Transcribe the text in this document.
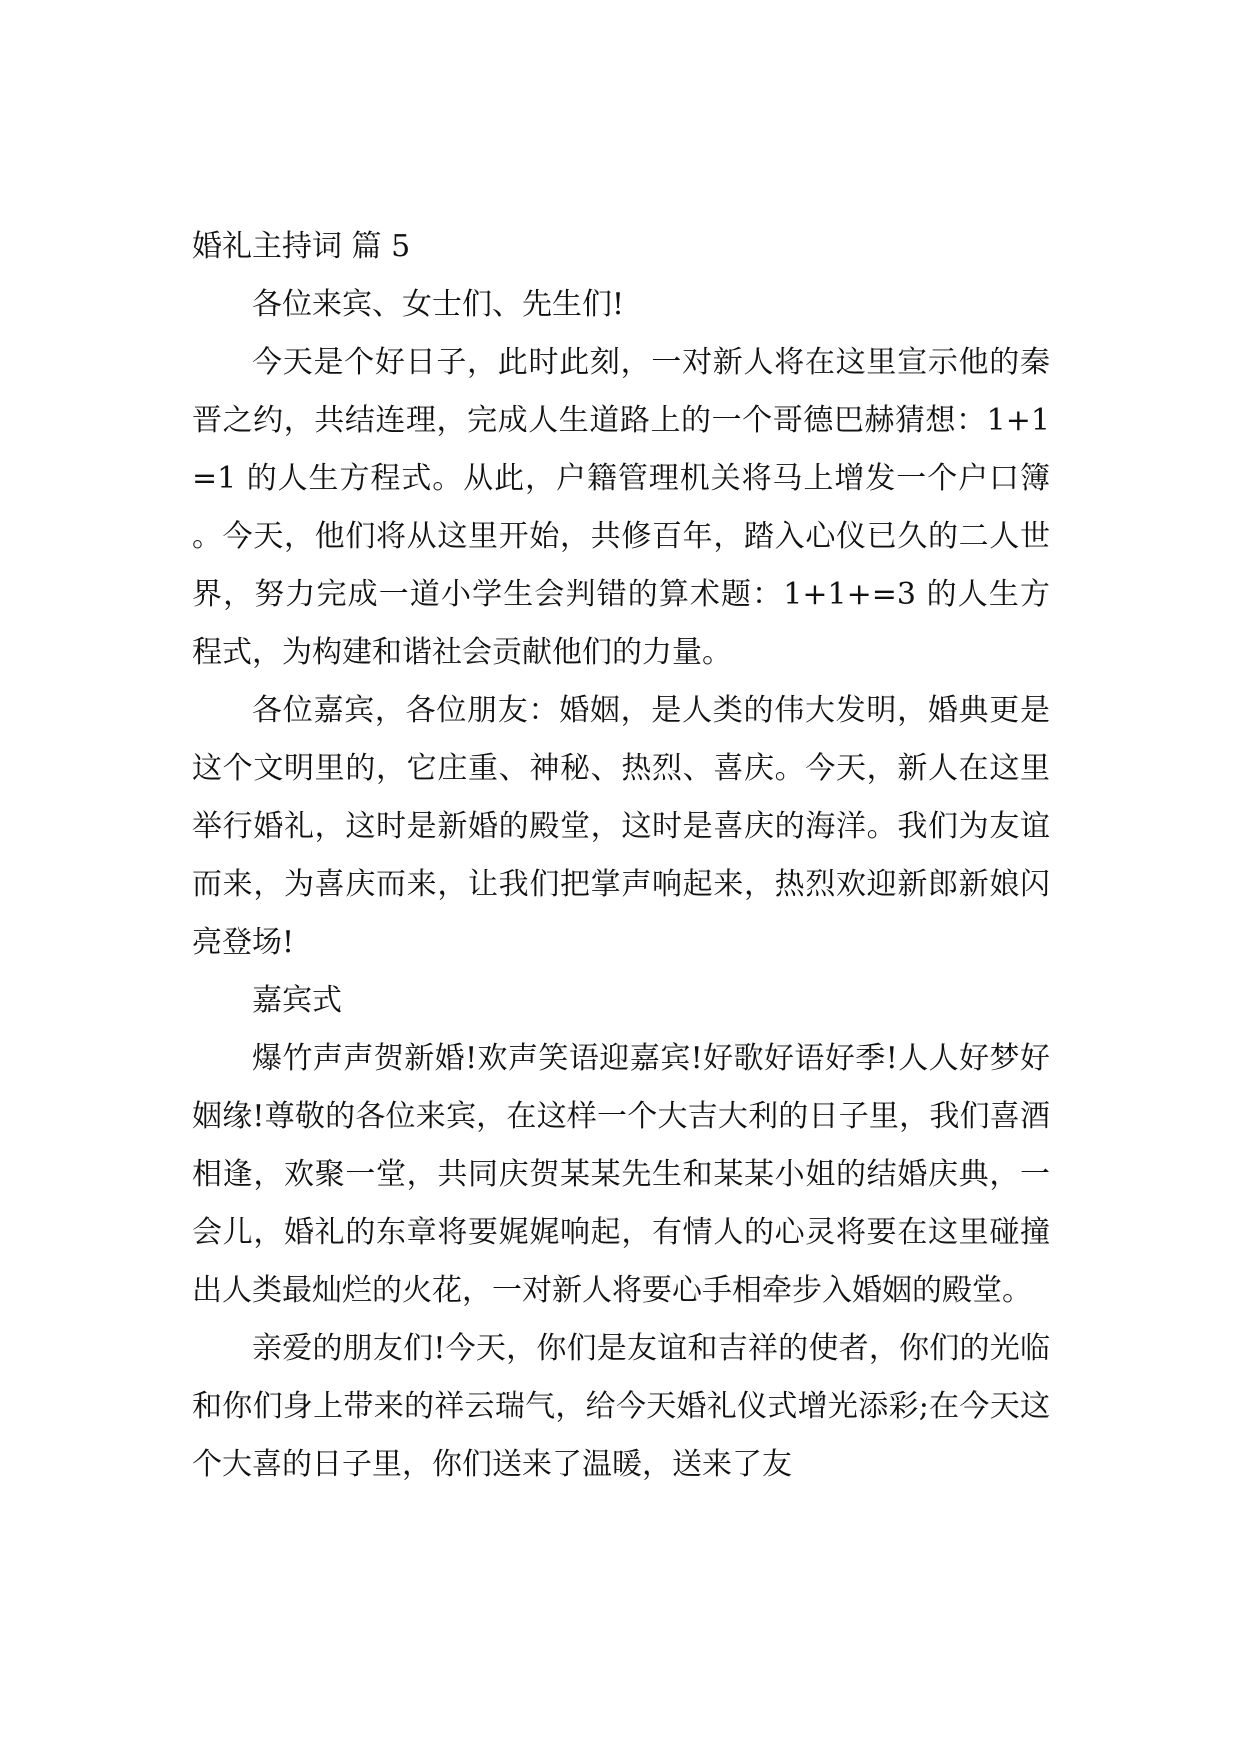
婚礼主持词 篇 5

各位来宾、女士们、先生们!

今天是个好日子，此时此刻，一对新人将在这里宣示他的秦晋之约，共结连理，完成人生道路上的一个哥德巴赫猜想：1+1=1 的人生方程式。从此，户籍管理机关将马上增发一个户口簿。今天，他们将从这里开始，共修百年，踏入心仪已久的二人世界，努力完成一道小学生会判错的算术题：1+1+=3 的人生方程式，为构建和谐社会贡献他们的力量。

各位嘉宾，各位朋友：婚姻，是人类的伟大发明，婚典更是这个文明里的，它庄重、神秘、热烈、喜庆。今天，新人在这里举行婚礼，这时是新婚的殿堂，这时是喜庆的海洋。我们为友谊而来，为喜庆而来，让我们把掌声响起来，热烈欢迎新郎新娘闪亮登场!

嘉宾式

爆竹声声贺新婚!欢声笑语迎嘉宾!好歌好语好季!人人好梦好姻缘!尊敬的各位来宾，在这样一个大吉大利的日子里，我们喜酒相逢，欢聚一堂，共同庆贺某某先生和某某小姐的结婚庆典，一会儿，婚礼的东章将要娓娓响起，有情人的心灵将要在这里碰撞出人类最灿烂的火花，一对新人将要心手相牵步入婚姻的殿堂。

亲爱的朋友们!今天，你们是友谊和吉祥的使者，你们的光临和你们身上带来的祥云瑞气，给今天婚礼仪式增光添彩;在今天这个大喜的日子里，你们送来了温暖，送来了友
